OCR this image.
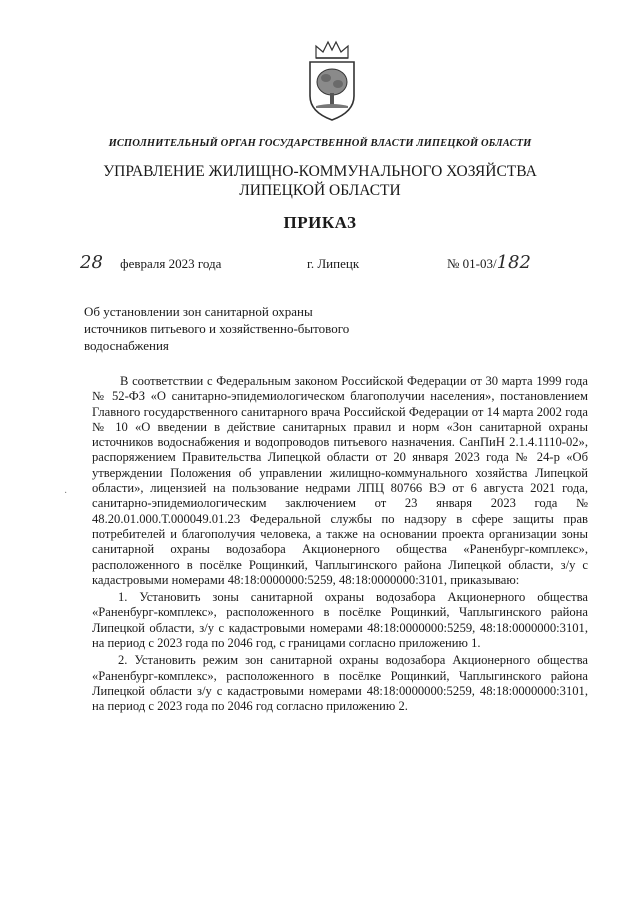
ИСПОЛНИТЕЛЬНЫЙ ОРГАН ГОСУДАРСТВЕННОЙ ВЛАСТИ ЛИПЕЦКОЙ ОБЛАСТИ
УПРАВЛЕНИЕ ЖИЛИЩНО-КОММУНАЛЬНОГО ХОЗЯЙСТВА
ЛИПЕЦКОЙ ОБЛАСТИ
ПРИКАЗ
28 февраля 2023 года	г. Липецк	№ 01-03/182
Об установлении зон санитарной охраны
источников питьевого и хозяйственно-бытового
водоснабжения
·

В соответствии с Федеральным законом Российской Федерации от 30 марта 1999 года № 52-ФЗ «О санитарно-эпидемиологическом благополучии населения», постановлением Главного государственного санитарного врача Российской Федерации от 14 марта 2002 года № 10 «О введении в действие санитарных правил и норм «Зон санитарной охраны источников водоснабжения и водопроводов питьевого назначения. СанПиН 2.1.4.1110-02», распоряжением Правительства Липецкой области от 20 января 2023 года № 24-р «Об утверждении Положения об управлении жилищно-коммунального хозяйства Липецкой области», лицензией на пользование недрами ЛПЦ 80766 ВЭ от 6 августа 2021 года, санитарно-эпидемиологическим заключением от 23 января 2023 года № 48.20.01.000.Т.000049.01.23 Федеральной службы по надзору в сфере защиты прав потребителей и благополучия человека, а также на основании проекта организации зоны санитарной охраны водозабора Акционерного общества «Раненбург-комплекс», расположенного в посёлке Рощинкий, Чаплыгинского района Липецкой области, з/у с кадастровыми номерами 48:18:0000000:5259, 48:18:0000000:3101, приказываю:

1. Установить зоны санитарной охраны водозабора Акционерного общества «Раненбург-комплекс», расположенного в посёлке Рощинкий, Чаплыгинского района Липецкой области, з/у с кадастровыми номерами 48:18:0000000:5259, 48:18:0000000:3101, на период с 2023 года по 2046 год, с границами согласно приложению 1.

2. Установить режим зон санитарной охраны водозабора Акционерного общества «Раненбург-комплекс», расположенного в посёлке Рощинкий, Чаплыгинского района Липецкой области з/у с кадастровыми номерами 48:18:0000000:5259, 48:18:0000000:3101, на период с 2023 года по 2046 год согласно приложению 2.
